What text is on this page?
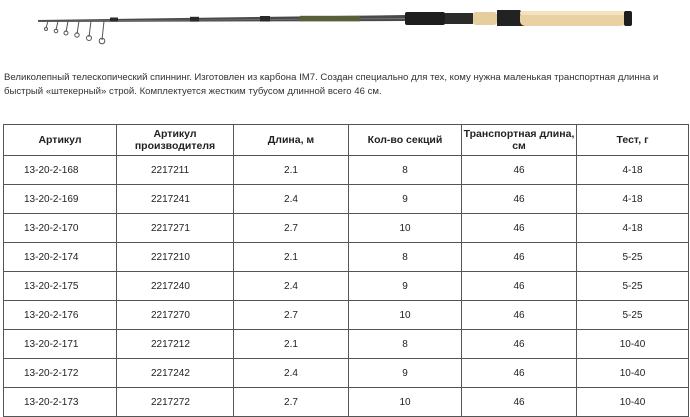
Великолепный телескопический спиннинг. Изготовлен из карбона IM7. Создан специально для тех, кому нужна маленькая транспортная длинна и быстрый «штекерный» строй. Комплектуется жестким тубусом длинной всего 46 см.

Артикул	Артикул производителя	Длина, м	Кол-во секций	Транспортная длина, см	Тест, г
13-20-2-168	2217211	2.1	8	46	4-18
13-20-2-169	2217241	2.4	9	46	4-18
13-20-2-170	2217271	2.7	10	46	4-18
13-20-2-174	2217210	2.1	8	46	5-25
13-20-2-175	2217240	2.4	9	46	5-25
13-20-2-176	2217270	2.7	10	46	5-25
13-20-2-171	2217212	2.1	8	46	10-40
13-20-2-172	2217242	2.4	9	46	10-40
13-20-2-173	2217272	2.7	10	46	10-40
